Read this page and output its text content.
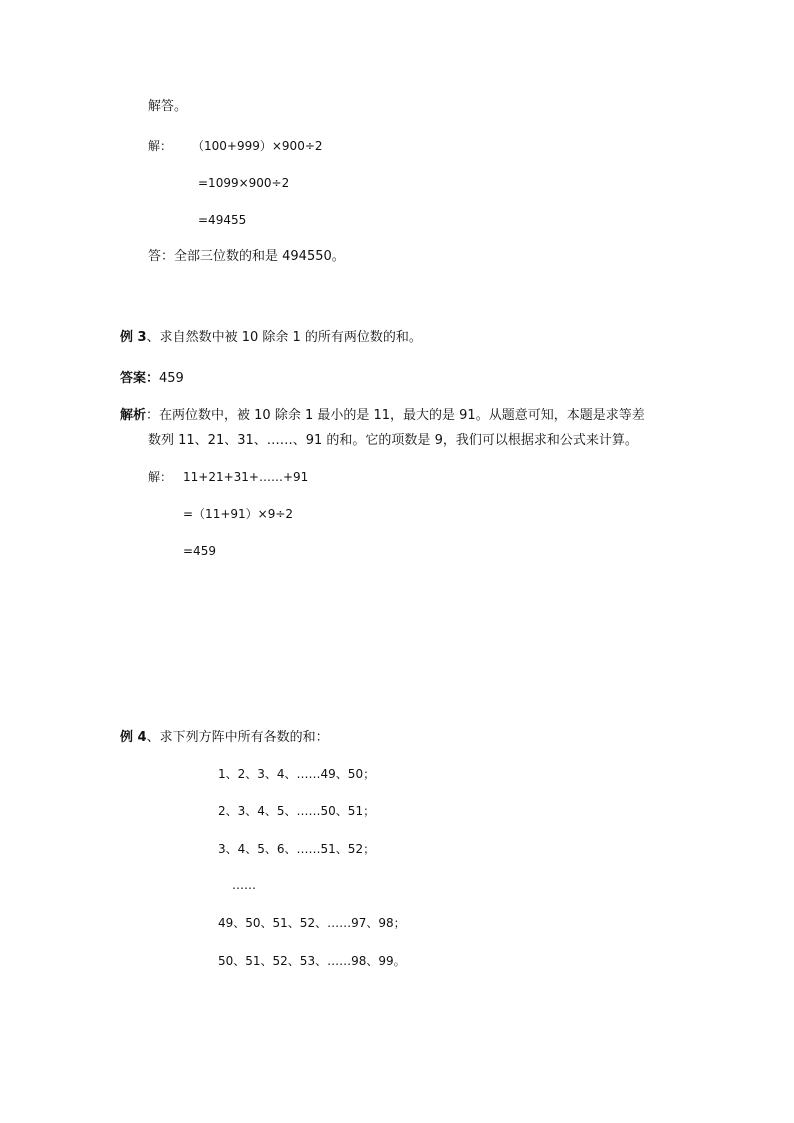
解答。
解： （100+999）×900÷2
=1099×900÷2
=49455
答：全部三位数的和是 494550。
例 3、求自然数中被 10 除余 1 的所有两位数的和。
答案：459
解析：在两位数中，被 10 除余 1 最小的是 11，最大的是 91。从题意可知，本题是求等差
数列 11、21、31、……、91 的和。它的项数是 9，我们可以根据求和公式来计算。
解： 11+21+31+……+91
=（11+91）×9÷2
=459
例 4、求下列方阵中所有各数的和：
1、2、3、4、……49、50；
2、3、4、5、……50、51；
3、4、5、6、……51、52；
……
49、50、51、52、……97、98；
50、51、52、53、……98、99。
